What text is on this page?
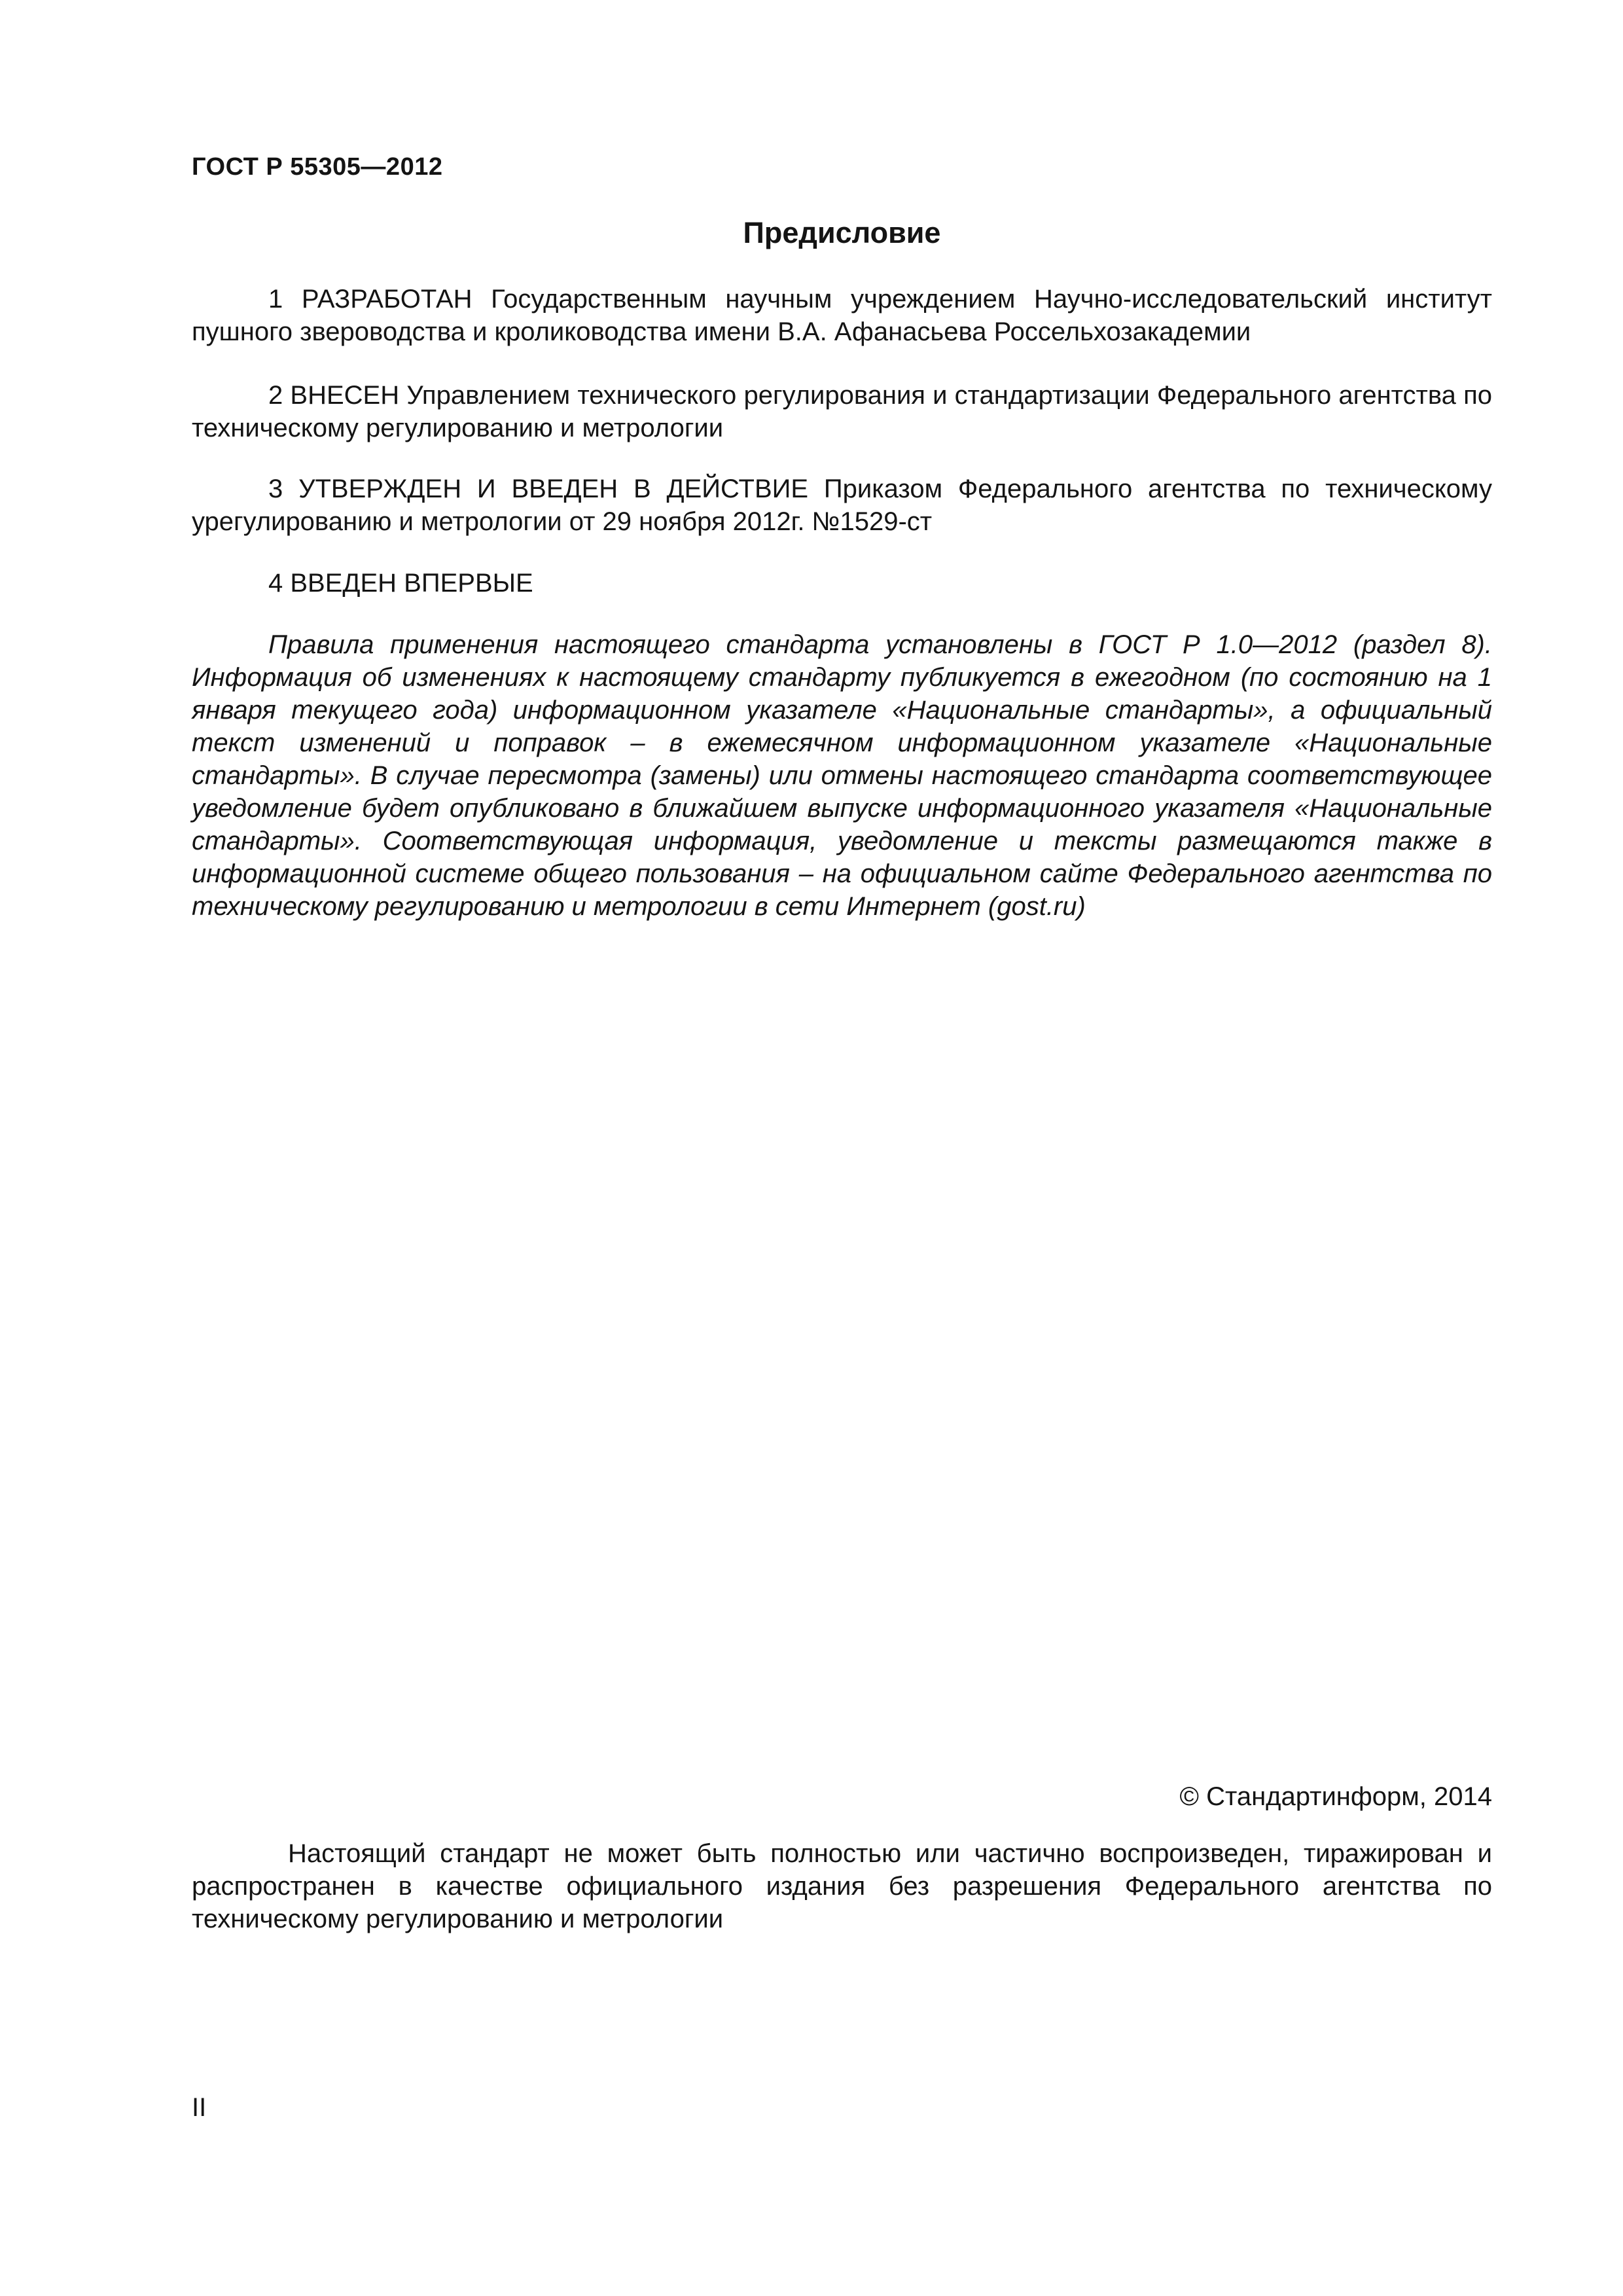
ГОСТ Р 55305—2012
Предисловие

1 РАЗРАБОТАН Государственным научным учреждением Научно-исследовательский институт пушного звероводства и кролиководства имени В.А. Афанасьева Россельхозакадемии

2 ВНЕСЕН Управлением технического регулирования и стандартизации Федерального агентства по техническому регулированию и метрологии

3 УТВЕРЖДЕН И ВВЕДЕН В ДЕЙСТВИЕ Приказом Федерального агентства по техническому урегулированию и метрологии от 29 ноября 2012г. №1529-ст

4 ВВЕДЕН ВПЕРВЫЕ

Правила применения настоящего стандарта установлены в ГОСТ Р 1.0—2012 (раздел 8). Информация об изменениях к настоящему стандарту публикуется в ежегодном (по состоянию на 1 января текущего года) информационном указателе «Национальные стандарты», а официальный текст изменений и поправок – в ежемесячном информационном указателе «Национальные стандарты». В случае пересмотра (замены) или отмены настоящего стандарта соответствующее уведомление будет опубликовано в ближайшем выпуске информационного указателя «Национальные стандарты». Соответствующая информация, уведомление и тексты размещаются также в информационной системе общего пользования – на официальном сайте Федерального агентства по техническому регулированию и метрологии в сети Интернет (gost.ru)

© Стандартинформ, 2014

Настоящий стандарт не может быть полностью или частично воспроизведен, тиражирован и распространен в качестве официального издания без разрешения Федерального агентства по техническому регулированию и метрологии

II
